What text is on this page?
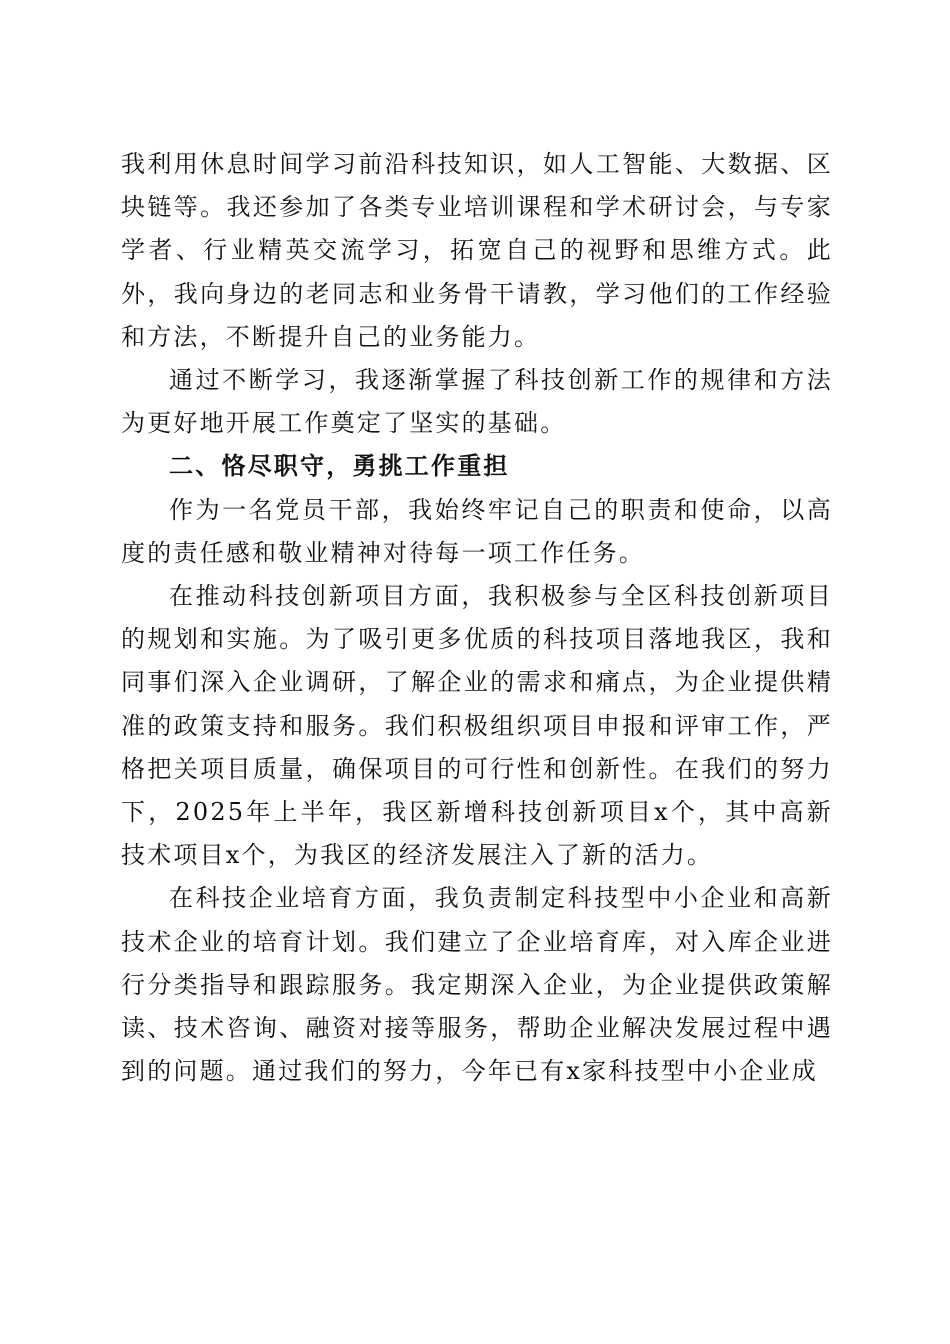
我利用休息时间学习前沿科技知识，如人工智能、大数据、区块链等。我还参加了各类专业培训课程和学术研讨会，与专家学者、行业精英交流学习，拓宽自己的视野和思维方式。此外，我向身边的老同志和业务骨干请教，学习他们的工作经验和方法，不断提升自己的业务能力。

通过不断学习，我逐渐掌握了科技创新工作的规律和方法为更好地开展工作奠定了坚实的基础。

二、恪尽职守，勇挑工作重担

作为一名党员干部，我始终牢记自己的职责和使命，以高度的责任感和敬业精神对待每一项工作任务。

在推动科技创新项目方面，我积极参与全区科技创新项目的规划和实施。为了吸引更多优质的科技项目落地我区，我和同事们深入企业调研，了解企业的需求和痛点，为企业提供精准的政策支持和服务。我们积极组织项目申报和评审工作，严格把关项目质量，确保项目的可行性和创新性。在我们的努力下，2025年上半年，我区新增科技创新项目x个，其中高新技术项目x个，为我区的经济发展注入了新的活力。

在科技企业培育方面，我负责制定科技型中小企业和高新技术企业的培育计划。我们建立了企业培育库，对入库企业进行分类指导和跟踪服务。我定期深入企业，为企业提供政策解读、技术咨询、融资对接等服务，帮助企业解决发展过程中遇到的问题。通过我们的努力，今年已有x家科技型中小企业成
